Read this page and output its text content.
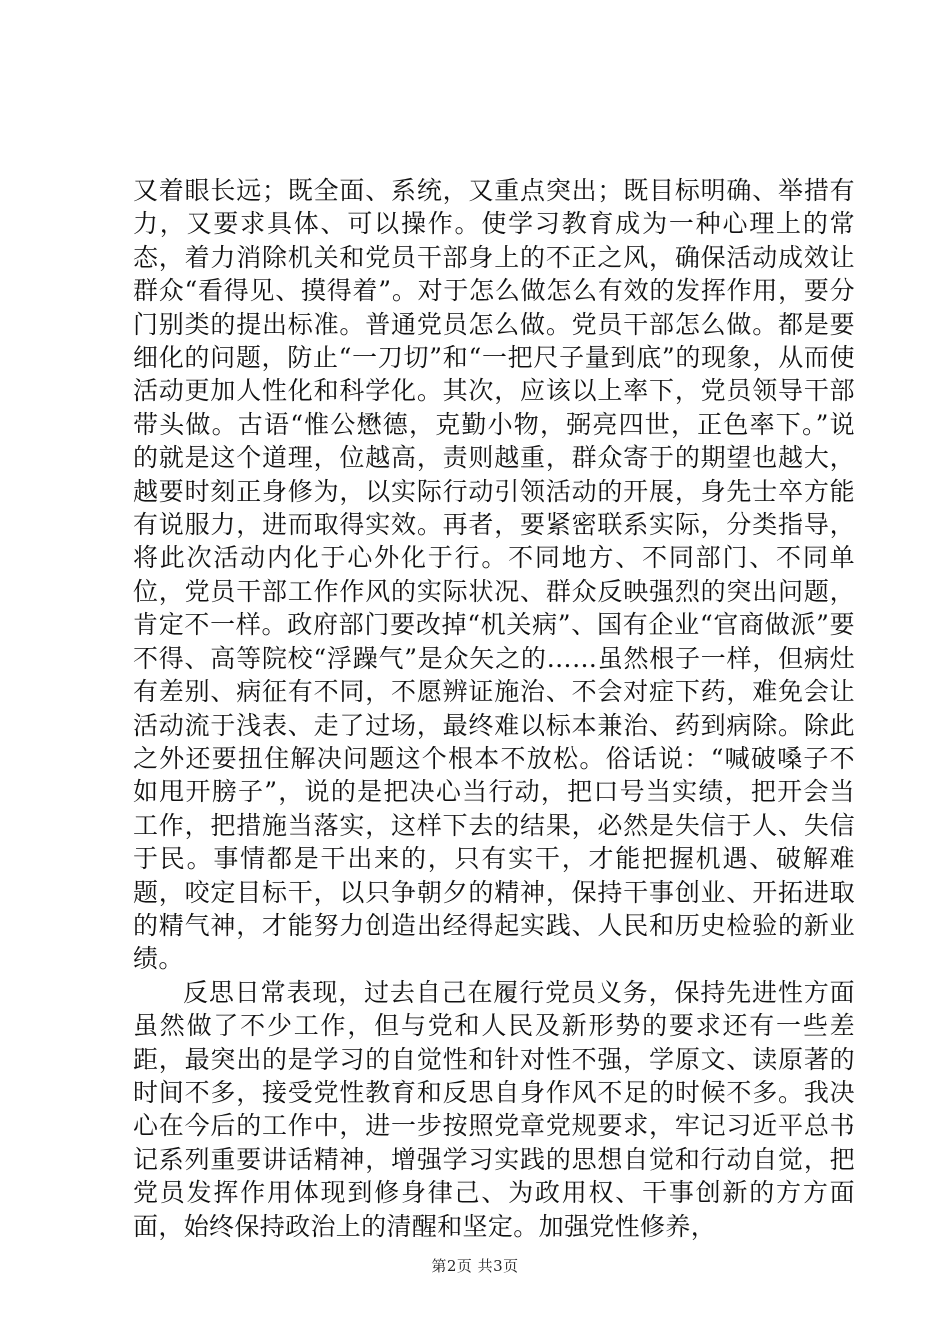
又着眼长远；既全面、系统，又重点突出；既目标明确、举措有力，又要求具体、可以操作。使学习教育成为一种心理上的常态，着力消除机关和党员干部身上的不正之风，确保活动成效让群众“看得见、摸得着”。对于怎么做怎么有效的发挥作用，要分门别类的提出标准。普通党员怎么做。党员干部怎么做。都是要细化的问题，防止“一刀切”和“一把尺子量到底”的现象，从而使活动更加人性化和科学化。其次，应该以上率下，党员领导干部带头做。古语“惟公懋德，克勤小物，弼亮四世，正色率下。”说的就是这个道理，位越高，责则越重，群众寄于的期望也越大，越要时刻正身修为，以实际行动引领活动的开展，身先士卒方能有说服力，进而取得实效。再者，要紧密联系实际，分类指导，将此次活动内化于心外化于行。不同地方、不同部门、不同单位，党员干部工作作风的实际状况、群众反映强烈的突出问题，肯定不一样。政府部门要改掉“机关病”、国有企业“官商做派”要不得、高等院校“浮躁气”是众矢之的……虽然根子一样，但病灶有差别、病征有不同，不愿辨证施治、不会对症下药，难免会让活动流于浅表、走了过场，最终难以标本兼治、药到病除。除此之外还要扭住解决问题这个根本不放松。俗话说：“喊破嗓子不如甩开膀子”，说的是把决心当行动，把口号当实绩，把开会当工作，把措施当落实，这样下去的结果，必然是失信于人、失信于民。事情都是干出来的，只有实干，才能把握机遇、破解难题，咬定目标干，以只争朝夕的精神，保持干事创业、开拓进取的精气神，才能努力创造出经得起实践、人民和历史检验的新业绩。

反思日常表现，过去自己在履行党员义务，保持先进性方面虽然做了不少工作，但与党和人民及新形势的要求还有一些差距，最突出的是学习的自觉性和针对性不强，学原文、读原著的时间不多，接受党性教育和反思自身作风不足的时候不多。我决心在今后的工作中，进一步按照党章党规要求，牢记习近平总书记系列重要讲话精神，增强学习实践的思想自觉和行动自觉，把党员发挥作用体现到修身律己、为政用权、干事创新的方方面面，始终保持政治上的清醒和坚定。加强党性修养，

第2页 共3页
